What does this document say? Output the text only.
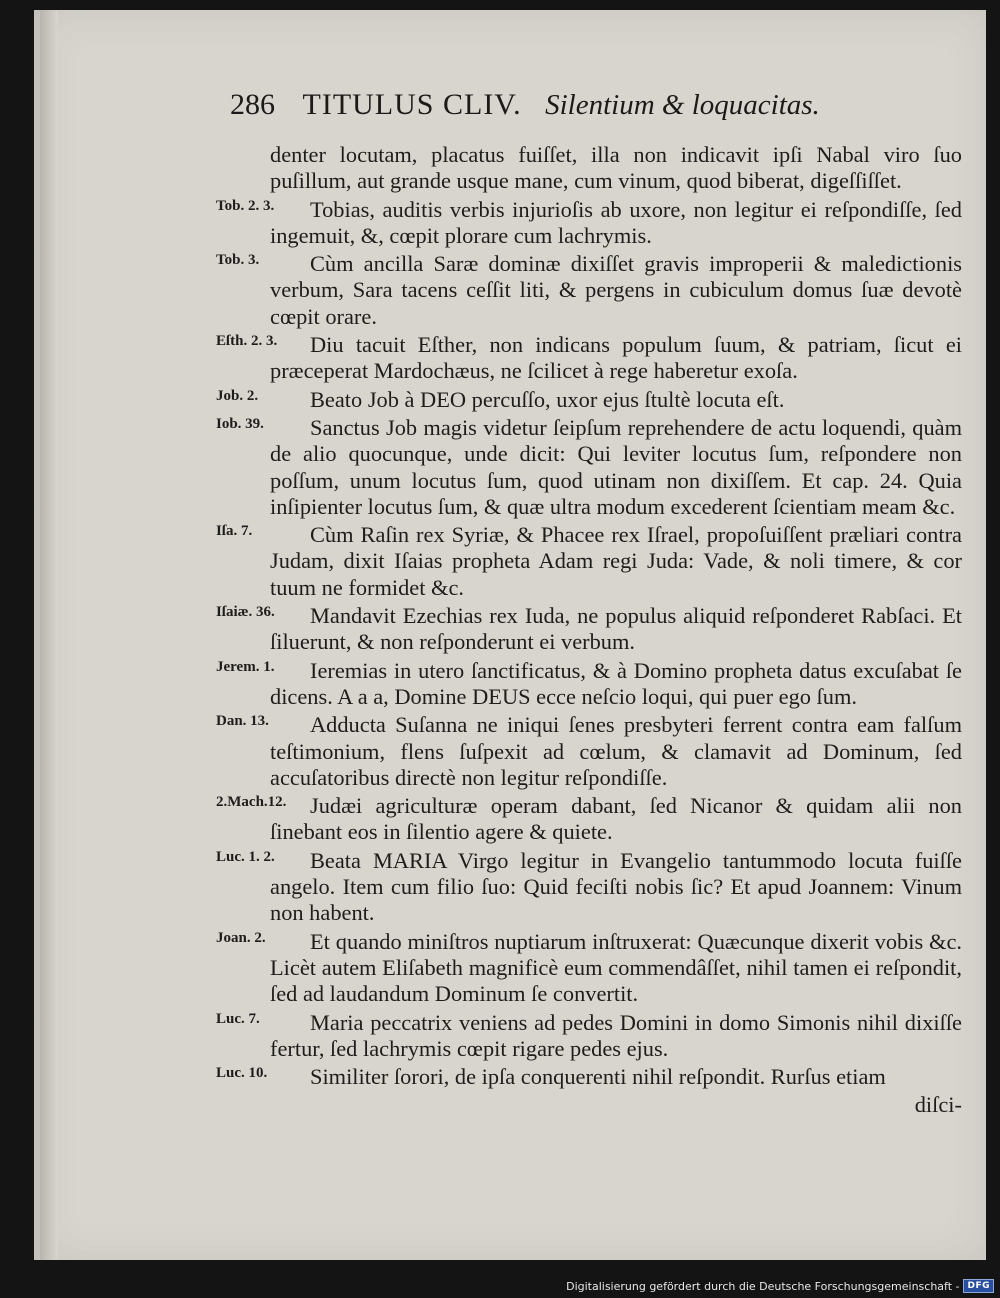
286 TITULUS CLIV. Silentium & loquacitas.
denter locutam, placatus fuiſſet, illa non indicavit ipſi Nabal viro ſuo puſillum, aut grande usque mane, cum vinum, quod biberat, digeſſiſſet.
Tob. 2. 3. Tobias, auditis verbis injurioſis ab uxore, non legitur ei reſpondiſſe, ſed ingemuit, &, cœpit plorare cum lachrymis.
Tob. 3. Cùm ancilla Saræ dominæ dixiſſet gravis improperii & maledictionis verbum, Sara tacens ceſſit liti, & pergens in cubiculum domus ſuæ devotè cœpit orare.
Eſth. 2. 3. Diu tacuit Eſther, non indicans populum ſuum, & patriam, ſicut ei præceperat Mardochæus, ne ſcilicet à rege haberetur exoſa.
Job. 2. Beato Job à DEO percuſſo, uxor ejus ſtultè locuta eſt.
Iob. 39. Sanctus Job magis videtur ſeipſum reprehendere de actu loquendi, quàm de alio quocunque, unde dicit: Qui leviter locutus ſum, reſpondere non poſſum, unum locutus ſum, quod utinam non dixiſſem. Et cap. 24. Quia inſipienter locutus ſum, & quæ ultra modum excederent ſcientiam meam &c.
Iſa. 7.	Cùm Raſin rex Syriæ, & Phacee rex Iſrael, propoſuiſſent præliari contra Judam, dixit Iſaias propheta Adam regi Juda: Vade, & noli timere, & cor tuum ne formidet &c.
Iſaiæ. 36. Mandavit Ezechias rex Iuda, ne populus aliquid reſponderet Rabſaci. Et ſiluerunt, & non reſponderunt ei verbum.
Jerem. 1. Ieremias in utero ſanctificatus, & à Domino propheta datus excuſabat ſe dicens. A a a, Domine DEUS ecce neſcio loqui, qui puer ego ſum.
Dan. 13. Adducta Suſanna ne iniqui ſenes presbyteri ferrent contra eam falſum teſtimonium, flens ſuſpexit ad cœlum, & clamavit ad Dominum, ſed accuſatoribus directè non legitur reſpondiſſe.
2.Mach.12. Judæi agriculturæ operam dabant, ſed Nicanor & quidam alii non ſinebant eos in ſilentio agere & quiete.
Luc. 1. 2. Beata MARIA Virgo legitur in Evangelio tantummodo locuta fuiſſe angelo. Item cum filio ſuo: Quid feciſti nobis ſic? Et apud Joannem: Vinum non habent.
Joan. 2. Et quando miniſtros nuptiarum inſtruxerat: Quæcunque dixerit vobis &c. Licèt autem Eliſabeth magnificè eum commendâſſet, nihil tamen ei reſpondit, ſed ad laudandum Dominum ſe convertit.
Luc. 7. Maria peccatrix veniens ad pedes Domini in domo Simonis nihil dixiſſe fertur, ſed lachrymis cœpit rigare pedes ejus.
Luc. 10. Similiter ſorori, de ipſa conquerenti nihil reſpondit. Rurſus etiam
diſci-
Digitalisierung gefördert durch die Deutsche Forschungsgemeinschaft - DFG
